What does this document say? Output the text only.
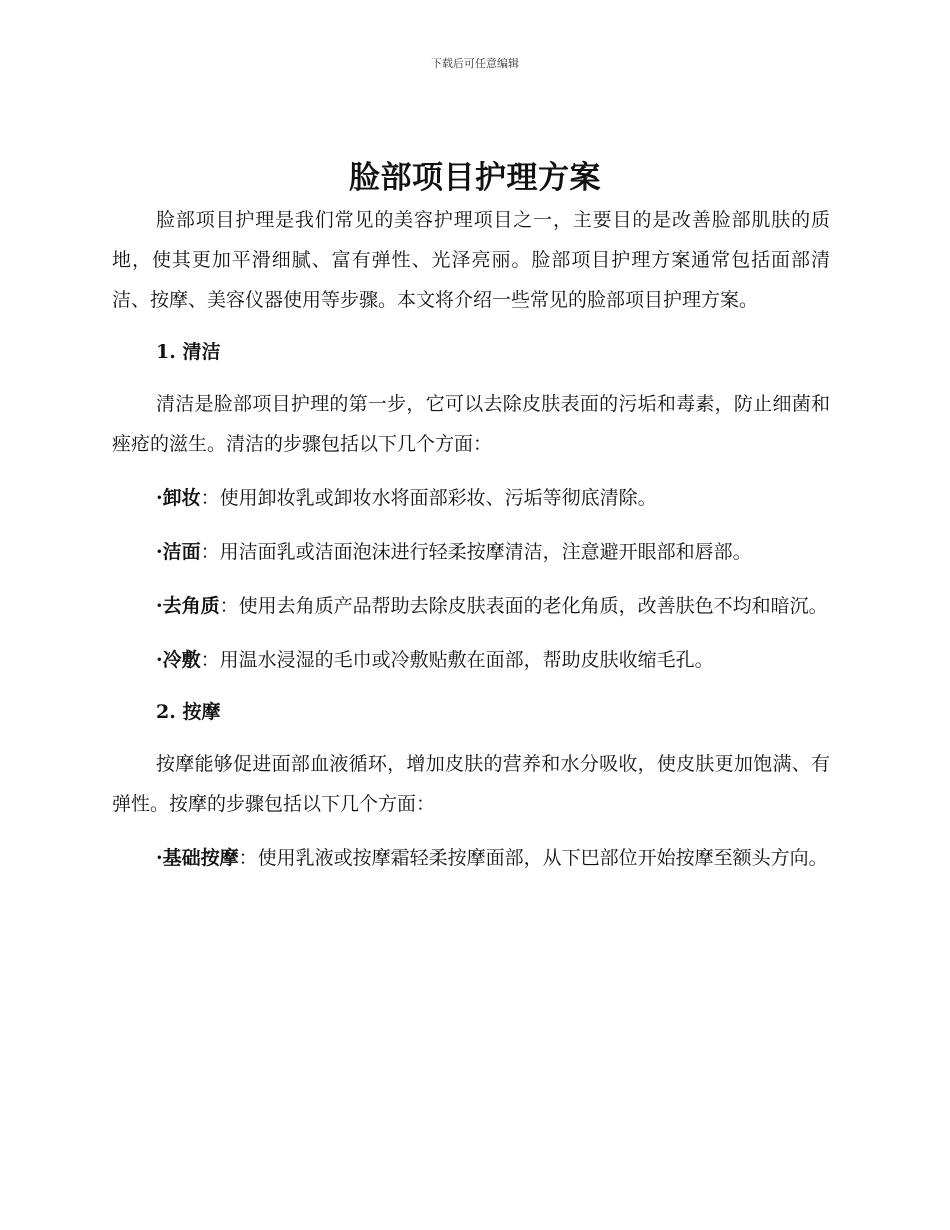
下载后可任意编辑
脸部项目护理方案

脸部项目护理是我们常见的美容护理项目之一，主要目的是改善脸部肌肤的质地，使其更加平滑细腻、富有弹性、光泽亮丽。脸部项目护理方案通常包括面部清洁、按摩、美容仪器使用等步骤。本文将介绍一些常见的脸部项目护理方案。

1. 清洁

清洁是脸部项目护理的第一步，它可以去除皮肤表面的污垢和毒素，防止细菌和痤疮的滋生。清洁的步骤包括以下几个方面：

·卸妆：使用卸妆乳或卸妆水将面部彩妆、污垢等彻底清除。

·洁面：用洁面乳或洁面泡沫进行轻柔按摩清洁，注意避开眼部和唇部。

·去角质：使用去角质产品帮助去除皮肤表面的老化角质，改善肤色不均和暗沉。

·冷敷：用温水浸湿的毛巾或冷敷贴敷在面部，帮助皮肤收缩毛孔。

2. 按摩

按摩能够促进面部血液循环，增加皮肤的营养和水分吸收，使皮肤更加饱满、有弹性。按摩的步骤包括以下几个方面：

·基础按摩：使用乳液或按摩霜轻柔按摩面部，从下巴部位开始按摩至额头方向。
